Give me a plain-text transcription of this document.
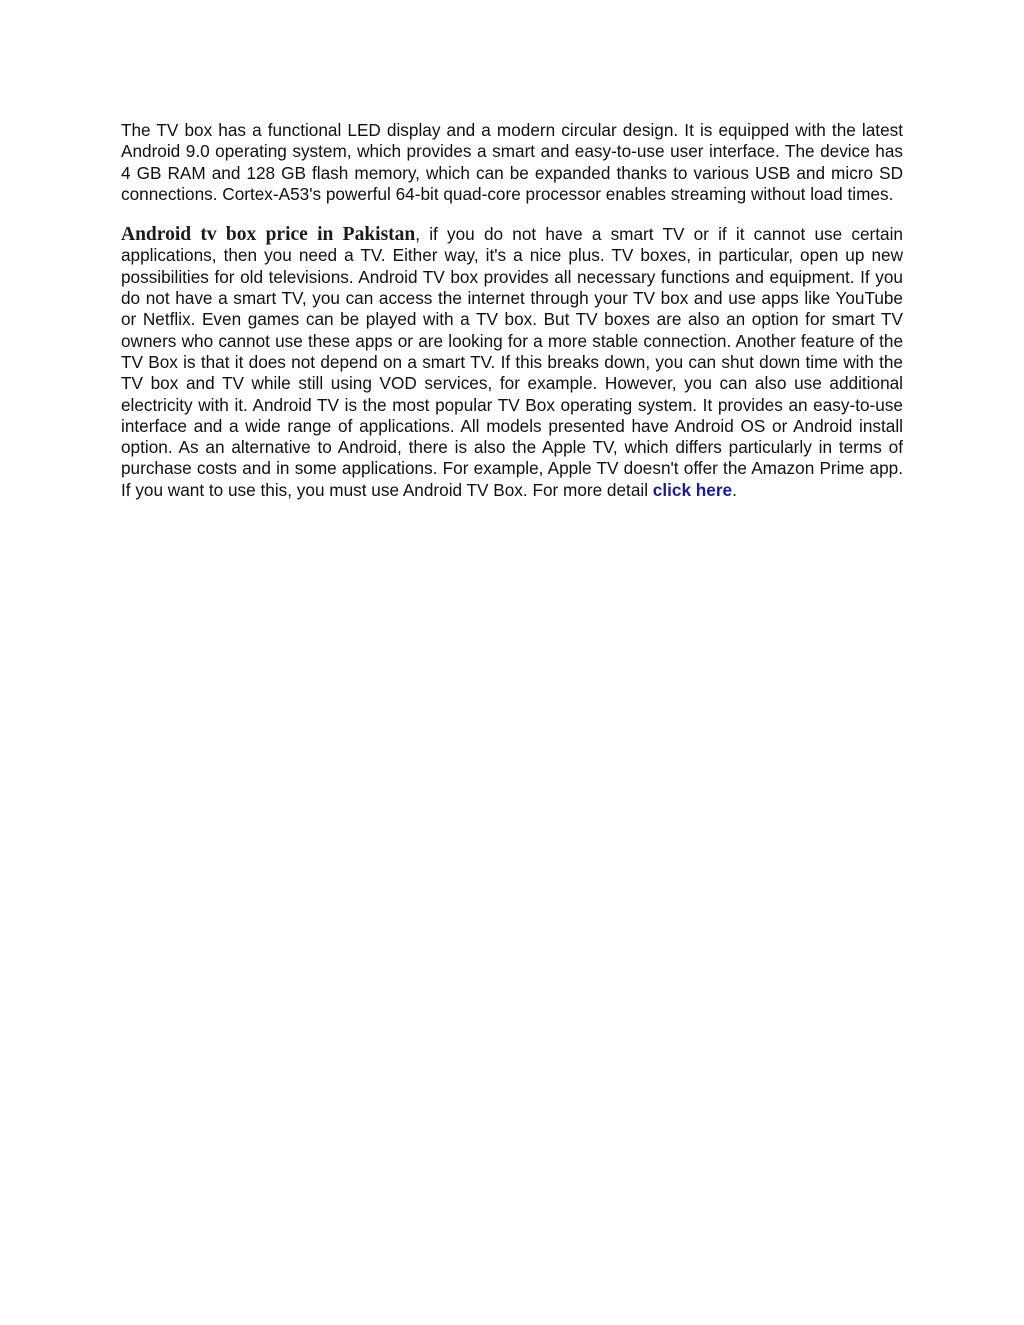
The TV box has a functional LED display and a modern circular design. It is equipped with the latest Android 9.0 operating system, which provides a smart and easy-to-use user interface. The device has 4 GB RAM and 128 GB flash memory, which can be expanded thanks to various USB and micro SD connections. Cortex-A53's powerful 64-bit quad-core processor enables streaming without load times.

Android tv box price in Pakistan, if you do not have a smart TV or if it cannot use certain applications, then you need a TV. Either way, it's a nice plus. TV boxes, in particular, open up new possibilities for old televisions. Android TV box provides all necessary functions and equipment. If you do not have a smart TV, you can access the internet through your TV box and use apps like YouTube or Netflix. Even games can be played with a TV box. But TV boxes are also an option for smart TV owners who cannot use these apps or are looking for a more stable connection. Another feature of the TV Box is that it does not depend on a smart TV. If this breaks down, you can shut down time with the TV box and TV while still using VOD services, for example. However, you can also use additional electricity with it. Android TV is the most popular TV Box operating system. It provides an easy-to-use interface and a wide range of applications. All models presented have Android OS or Android install option. As an alternative to Android, there is also the Apple TV, which differs particularly in terms of purchase costs and in some applications. For example, Apple TV doesn't offer the Amazon Prime app. If you want to use this, you must use Android TV Box. For more detail click here.
